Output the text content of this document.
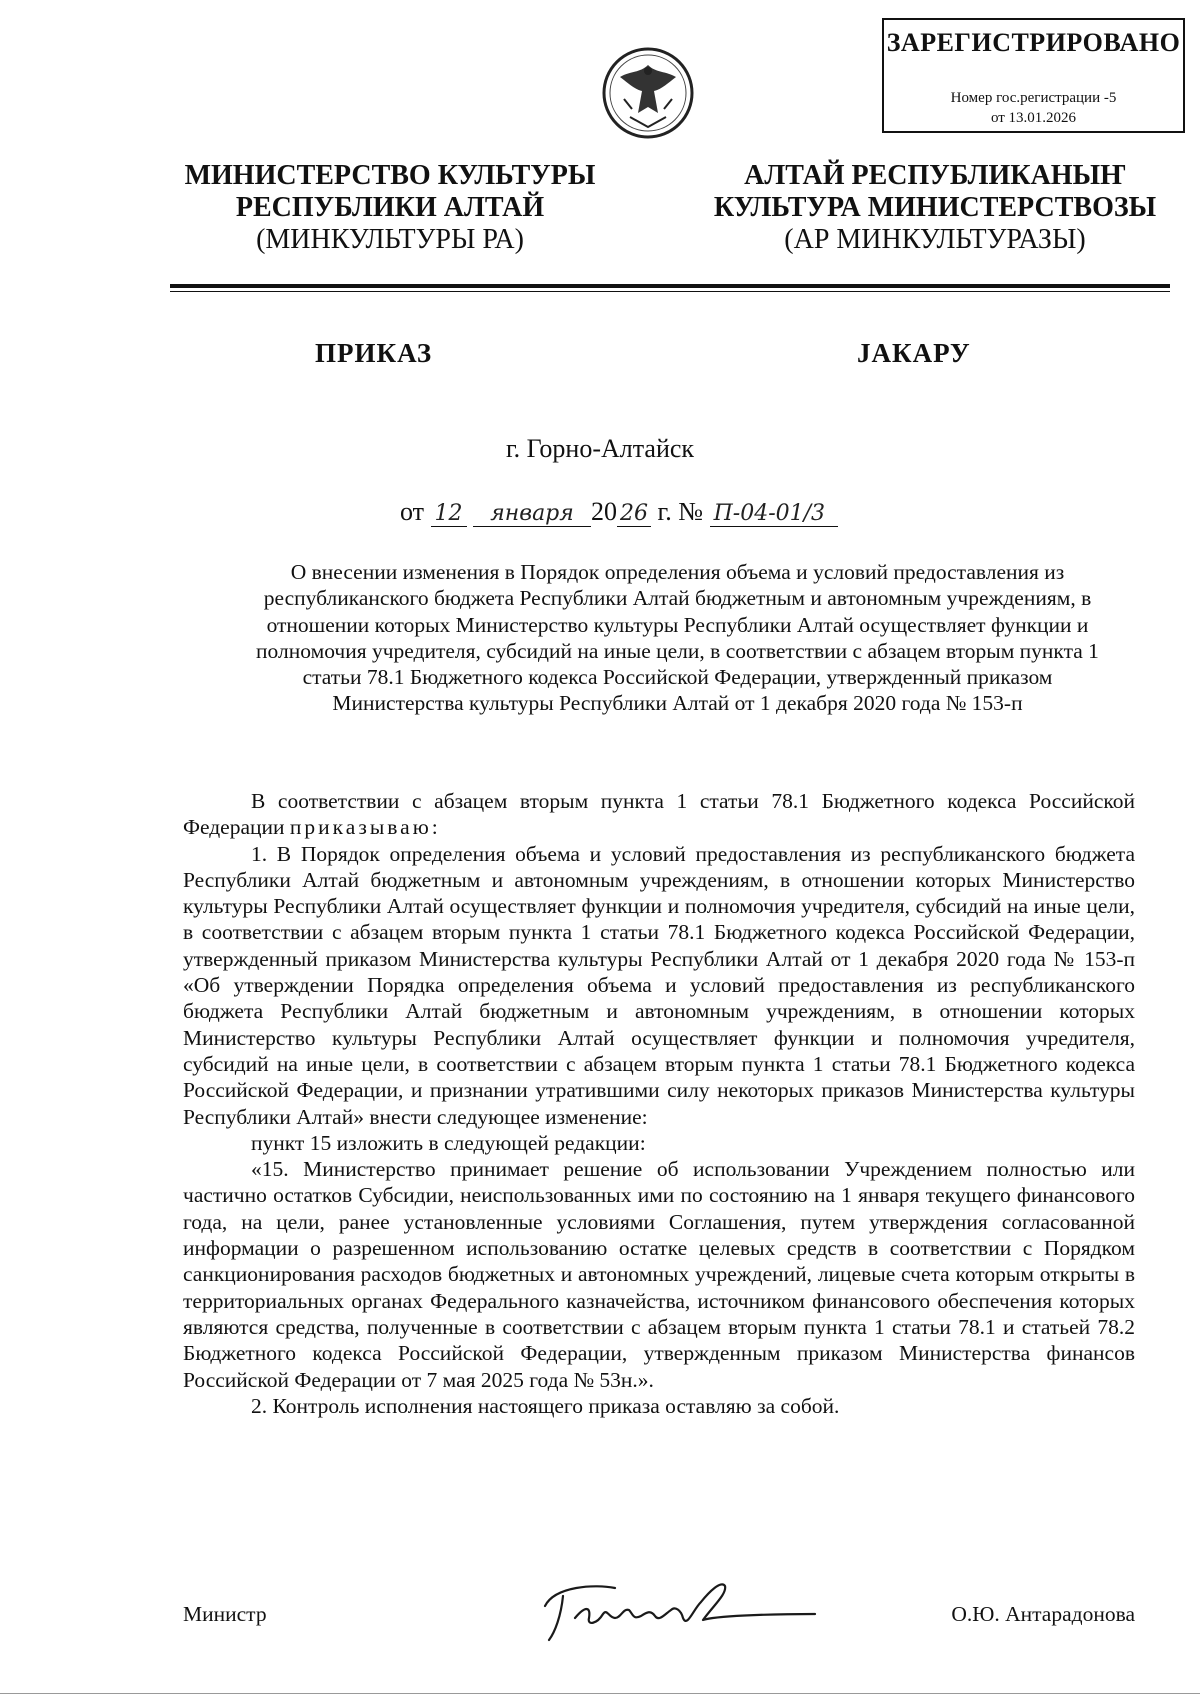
ЗАРЕГИСТРИРОВАНО
Номер гос.регистрации -5
от 13.01.2026
МИНИСТЕРСТВО КУЛЬТУРЫ
РЕСПУБЛИКИ АЛТАЙ
(МИНКУЛЬТУРЫ РА)
АЛТАЙ РЕСПУБЛИКАНЫҤ
КУЛЬТУРА МИНИСТЕРСТВОЗЫ
(АР МИНКУЛЬТУРАЗЫ)
ПРИКАЗ	ЈАКАРУ
г. Горно-Алтайск
от 12 января 20 26 г. № П-04-01/3
О внесении изменения в Порядок определения объема и условий предоставления из республиканского бюджета Республики Алтай бюджетным и автономным учреждениям, в отношении которых Министерство культуры Республики Алтай осуществляет функции и полномочия учредителя, субсидий на иные цели, в соответствии с абзацем вторым пункта 1 статьи 78.1 Бюджетного кодекса Российской Федерации, утвержденный приказом Министерства культуры Республики Алтай от 1 декабря 2020 года № 153-п

В соответствии с абзацем вторым пункта 1 статьи 78.1 Бюджетного кодекса Российской Федерации приказываю:

1. В Порядок определения объема и условий предоставления из республиканского бюджета Республики Алтай бюджетным и автономным учреждениям, в отношении которых Министерство культуры Республики Алтай осуществляет функции и полномочия учредителя, субсидий на иные цели, в соответствии с абзацем вторым пункта 1 статьи 78.1 Бюджетного кодекса Российской Федерации, утвержденный приказом Министерства культуры Республики Алтай от 1 декабря 2020 года № 153-п «Об утверждении Порядка определения объема и условий предоставления из республиканского бюджета Республики Алтай бюджетным и автономным учреждениям, в отношении которых Министерство культуры Республики Алтай осуществляет функции и полномочия учредителя, субсидий на иные цели, в соответствии с абзацем вторым пункта 1 статьи 78.1 Бюджетного кодекса Российской Федерации, и признании утратившими силу некоторых приказов Министерства культуры Республики Алтай» внести следующее изменение:

пункт 15 изложить в следующей редакции:

«15. Министерство принимает решение об использовании Учреждением полностью или частично остатков Субсидии, неиспользованных ими по состоянию на 1 января текущего финансового года, на цели, ранее установленные условиями Соглашения, путем утверждения согласованной информации о разрешенном использованию остатке целевых средств в соответствии с Порядком санкционирования расходов бюджетных и автономных учреждений, лицевые счета которым открыты в территориальных органах Федерального казначейства, источником финансового обеспечения которых являются средства, полученные в соответствии с абзацем вторым пункта 1 статьи 78.1 и статьей 78.2 Бюджетного кодекса Российской Федерации, утвержденным приказом Министерства финансов Российской Федерации от 7 мая 2025 года № 53н.».

2. Контроль исполнения настоящего приказа оставляю за собой.

Министр	О.Ю. Антарадонова
